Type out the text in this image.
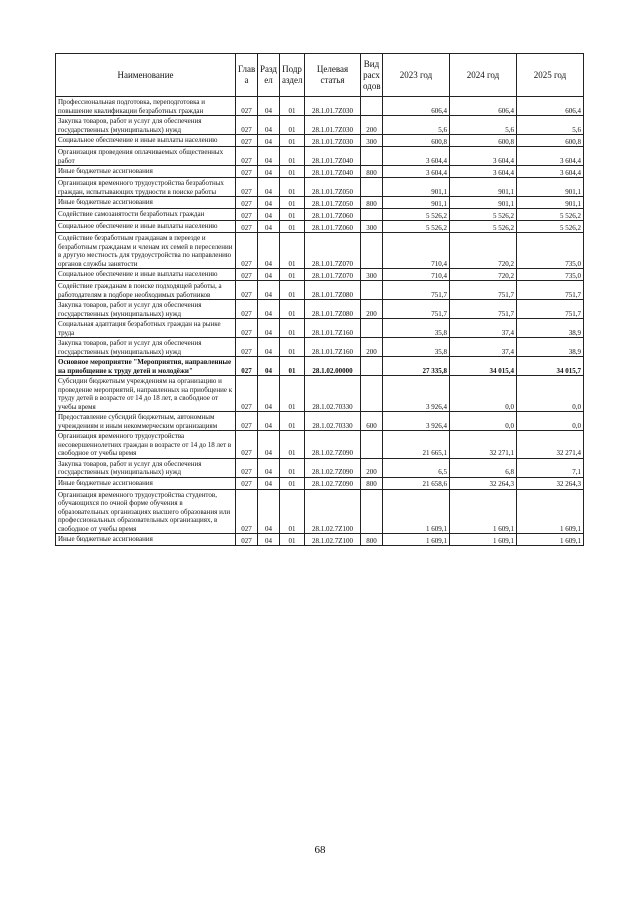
Наименование	Глав а	Разд ел	Подр аздел	Целевая статья	Вид расх одов	2023 год	2024 год	2025 год
Профессиональная подготовка, переподготовка и повышение квалификации безработных граждан	027	04	01	28.1.01.7Z030		606,4	606,4	606,4
Закупка товаров, работ и услуг для обеспечения государственных (муниципальных) нужд	027	04	01	28.1.01.7Z030	200	5,6	5,6	5,6
Социальное обеспечение и иные выплаты населению	027	04	01	28.1.01.7Z030	300	600,8	600,8	600,8
Организация проведения оплачиваемых общественных работ	027	04	01	28.1.01.7Z040		3 604,4	3 604,4	3 604,4
Иные бюджетные ассигнования	027	04	01	28.1.01.7Z040	800	3 604,4	3 604,4	3 604,4
Организация временного трудоустройства безработных граждан, испытывающих трудности в поиске работы	027	04	01	28.1.01.7Z050		901,1	901,1	901,1
Иные бюджетные ассигнования	027	04	01	28.1.01.7Z050	800	901,1	901,1	901,1
Содействие самозанятости безработных граждан	027	04	01	28.1.01.7Z060		5 526,2	5 526,2	5 526,2
Социальное обеспечение и иные выплаты населению	027	04	01	28.1.01.7Z060	300	5 526,2	5 526,2	5 526,2
Содействие безработным гражданам в переезде и безработным гражданам и членам их семей в переселении в другую местность для трудоустройства по направлению органов службы занятости	027	04	01	28.1.01.7Z070		710,4	720,2	735,0
Социальное обеспечение и иные выплаты населению	027	04	01	28.1.01.7Z070	300	710,4	720,2	735,0
Содействие гражданам в поиске подходящей работы, а работодателям в подборе необходимых работников	027	04	01	28.1.01.7Z080		751,7	751,7	751,7
Закупка товаров, работ и услуг для обеспечения государственных (муниципальных) нужд	027	04	01	28.1.01.7Z080	200	751,7	751,7	751,7
Социальная адаптация безработных граждан на рынке труда	027	04	01	28.1.01.7Z160		35,8	37,4	38,9
Закупка товаров, работ и услуг для обеспечения государственных (муниципальных) нужд	027	04	01	28.1.01.7Z160	200	35,8	37,4	38,9
Основное мероприятие "Мероприятия, направленные на приобщение к труду детей и молодёжи"	027	04	01	28.1.02.00000		27 335,8	34 015,4	34 015,7
Субсидии бюджетным учреждениям на организацию и проведение мероприятий, направленных на приобщение к труду детей в возрасте от 14 до 18 лет, в свободное от учебы время	027	04	01	28.1.02.70330		3 926,4	0,0	0,0
Предоставление субсидий бюджетным, автономным учреждениям и иным некоммерческим организациям	027	04	01	28.1.02.70330	600	3 926,4	0,0	0,0
Организация временного трудоустройства несовершеннолетних граждан в возрасте от 14 до 18 лет в свободное от учебы время	027	04	01	28.1.02.7Z090		21 665,1	32 271,1	32 271,4
Закупка товаров, работ и услуг для обеспечения государственных (муниципальных) нужд	027	04	01	28.1.02.7Z090	200	6,5	6,8	7,1
Иные бюджетные ассигнования	027	04	01	28.1.02.7Z090	800	21 658,6	32 264,3	32 264,3
Организация временного трудоустройства студентов, обучающихся по очной форме обучения в образовательных организациях высшего образования или профессиональных образовательных организациях, в свободное от учебы время	027	04	01	28.1.02.7Z100		1 609,1	1 609,1	1 609,1
Иные бюджетные ассигнования	027	04	01	28.1.02.7Z100	800	1 609,1	1 609,1	1 609,1
68
